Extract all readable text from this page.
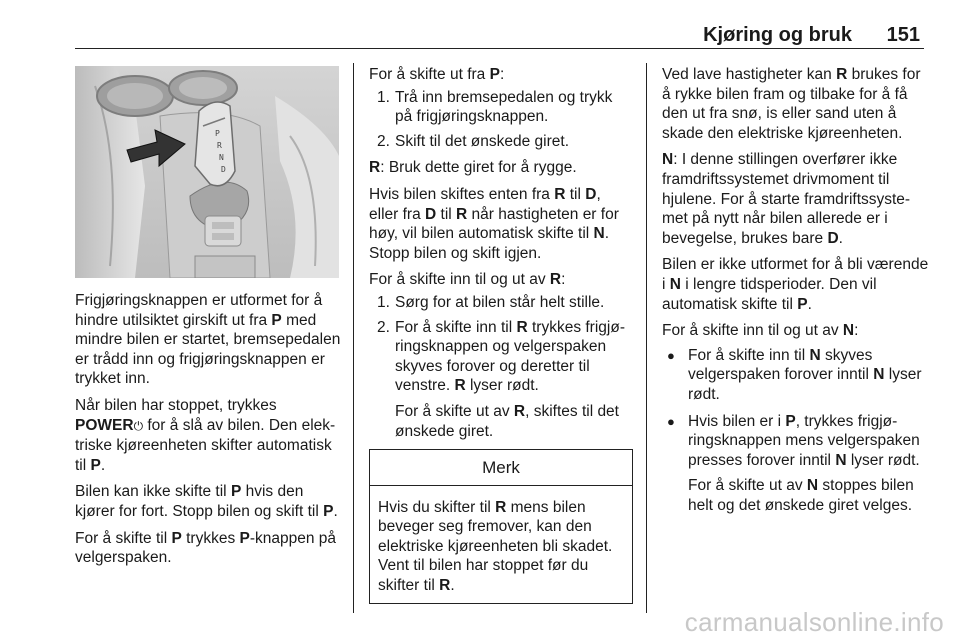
Kjøring og bruk 151
P
R
N
D

Frigjøringsknappen er utformet for å hindre utilsiktet girskift ut fra P med mindre bilen er startet, bremsepedalen er trådd inn og frigjøringsknappen er trykket inn.

Når bilen har stoppet, trykkes POWER⏻ for å slå av bilen. Den elektriske kjøreenheten skifter automatisk til P.

Bilen kan ikke skifte til P hvis den kjører for fort. Stopp bilen og skift til P.

For å skifte til P trykkes P-knappen på velgerspaken.

For å skifte ut fra P:

1. Trå inn bremsepedalen og trykk på frigjøringsknappen.
2. Skift til det ønskede giret.

R: Bruk dette giret for å rygge.

Hvis bilen skiftes enten fra R til D, eller fra D til R når hastigheten er for høy, vil bilen automatisk skifte til N. Stopp bilen og skift igjen.

For å skifte inn til og ut av R:

1. Sørg for at bilen står helt stille.
2. For å skifte inn til R trykkes frigjøringsknappen og velgerspaken skyves forover og deretter til venstre. R lyser rødt.
For å skifte ut av R, skiftes til det ønskede giret.
Merk
Hvis du skifter til R mens bilen beveger seg fremover, kan den elektriske kjøreenheten bli skadet. Vent til bilen har stoppet før du skifter til R.

Ved lave hastigheter kan R brukes for å rykke bilen fram og tilbake for å få den ut fra snø, is eller sand uten å skade den elektriske kjøreenheten.

N: I denne stillingen overfører ikke framdriftssystemet drivmoment til hjulene. For å starte framdriftssystemet på nytt når bilen allerede er i bevegelse, brukes bare D.

Bilen er ikke utformet for å bli værende i N i lengre tidsperioder. Den vil automatisk skifte til P.

For å skifte inn til og ut av N:

● For å skifte inn til N skyves velgerspaken forover inntil N lyser rødt.
● Hvis bilen er i P, trykkes frigjøringsknappen mens velgerspaken presses forover inntil N lyser rødt.
For å skifte ut av N stoppes bilen helt og det ønskede giret velges.
carmanualsonline.info
